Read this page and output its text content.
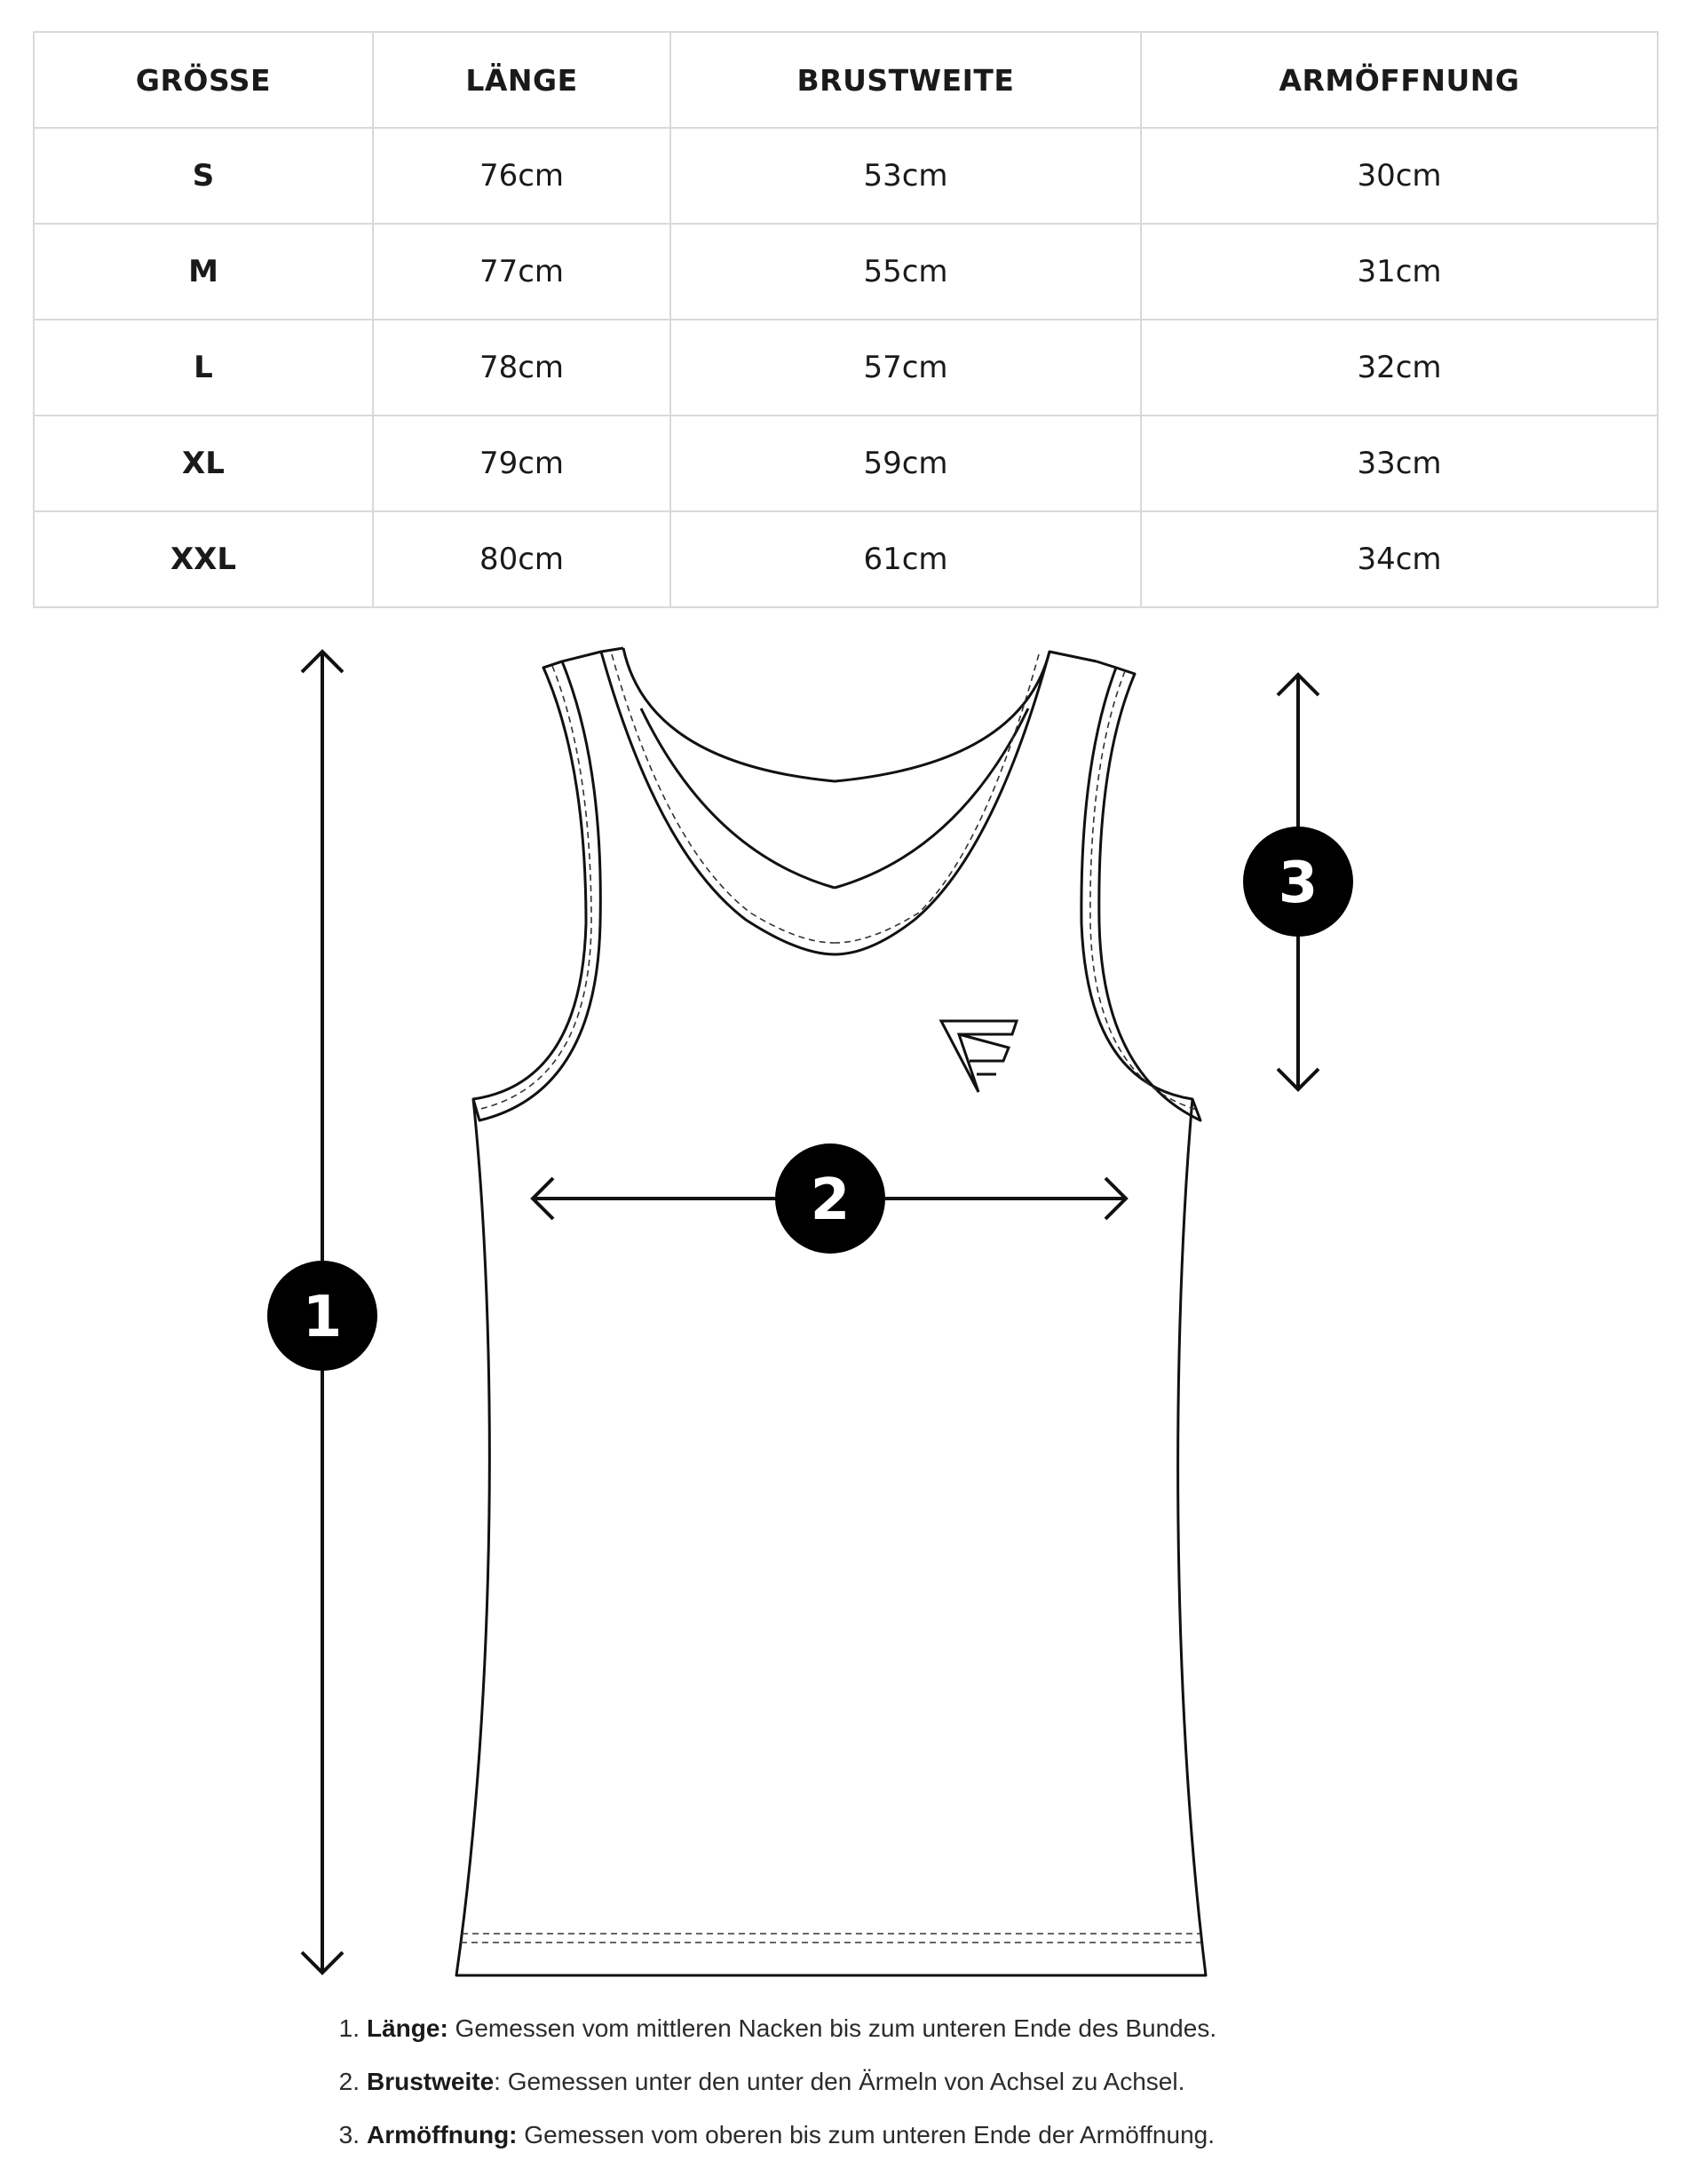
GRÖSSE	LÄNGE	BRUSTWEITE	ARMÖFFNUNG
S	76cm	53cm	30cm
M	77cm	55cm	31cm
L	78cm	57cm	32cm
XL	79cm	59cm	33cm
XXL	80cm	61cm	34cm
1
2
3
1. Länge: Gemessen vom mittleren Nacken bis zum unteren Ende des Bundes.
2. Brustweite: Gemessen unter den unter den Ärmeln von Achsel zu Achsel.
3. Armöffnung: Gemessen vom oberen bis zum unteren Ende der Armöffnung.
